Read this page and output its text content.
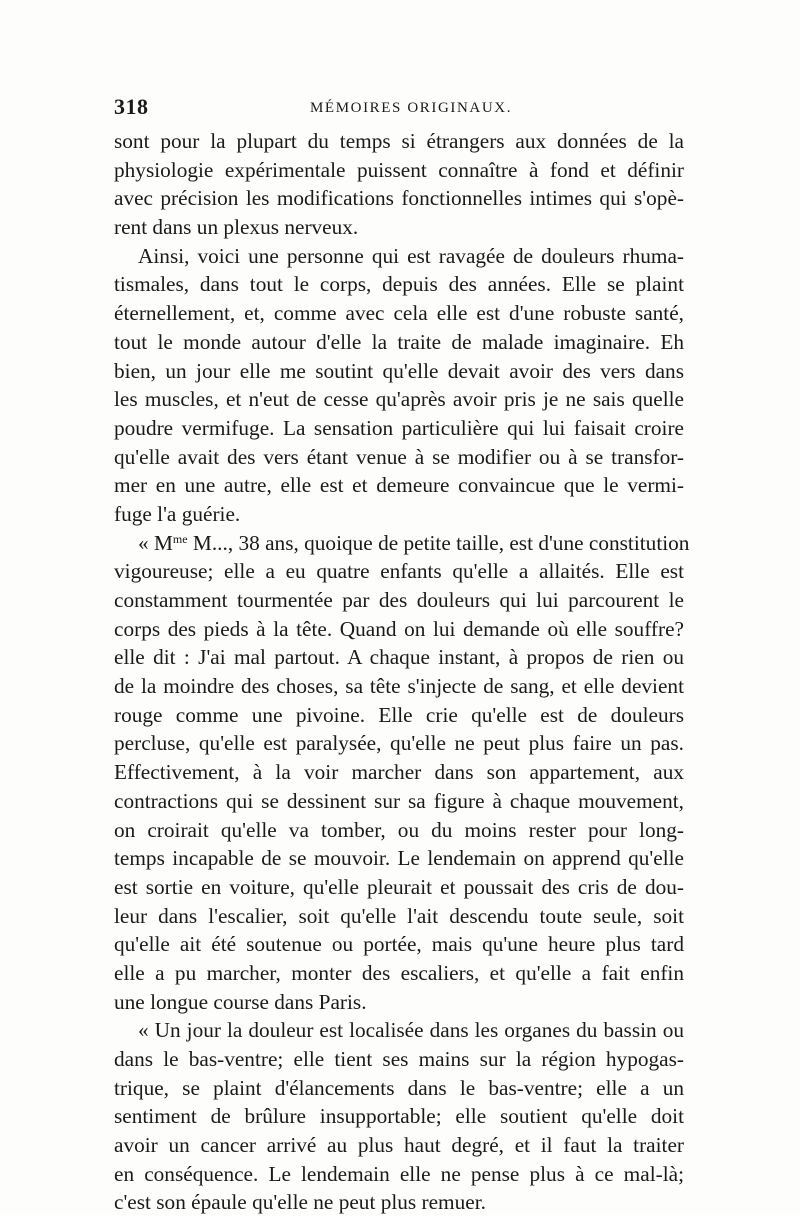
318	MÉMOIRES ORIGINAUX.
sont pour la plupart du temps si étrangers aux données de la
physiologie expérimentale puissent connaître à fond et définir
avec précision les modifications fonctionnelles intimes qui s'opè-
rent dans un plexus nerveux.
Ainsi, voici une personne qui est ravagée de douleurs rhuma-
tismales, dans tout le corps, depuis des années. Elle se plaint
éternellement, et, comme avec cela elle est d'une robuste santé,
tout le monde autour d'elle la traite de malade imaginaire. Eh
bien, un jour elle me soutint qu'elle devait avoir des vers dans
les muscles, et n'eut de cesse qu'après avoir pris je ne sais quelle
poudre vermifuge. La sensation particulière qui lui faisait croire
qu'elle avait des vers étant venue à se modifier ou à se transfor-
mer en une autre, elle est et demeure convaincue que le vermi-
fuge l'a guérie.
« $M^{me}$ M..., 38 ans, quoique de petite taille, est d'une constitution
vigoureuse; elle a eu quatre enfants qu'elle a allaités. Elle est
constamment tourmentée par des douleurs qui lui parcourent le
corps des pieds à la tête. Quand on lui demande où elle souffre?
elle dit : J'ai mal partout. A chaque instant, à propos de rien ou
de la moindre des choses, sa tête s'injecte de sang, et elle devient
rouge comme une pivoine. Elle crie qu'elle est de douleurs
percluse, qu'elle est paralysée, qu'elle ne peut plus faire un pas.
Effectivement, à la voir marcher dans son appartement, aux
contractions qui se dessinent sur sa figure à chaque mouvement,
on croirait qu'elle va tomber, ou du moins rester pour long-
temps incapable de se mouvoir. Le lendemain on apprend qu'elle
est sortie en voiture, qu'elle pleurait et poussait des cris de dou-
leur dans l'escalier, soit qu'elle l'ait descendu toute seule, soit
qu'elle ait été soutenue ou portée, mais qu'une heure plus tard
elle a pu marcher, monter des escaliers, et qu'elle a fait enfin
une longue course dans Paris.
« Un jour la douleur est localisée dans les organes du bassin ou
dans le bas-ventre; elle tient ses mains sur la région hypogas-
trique, se plaint d'élancements dans le bas-ventre; elle a un
sentiment de brûlure insupportable; elle soutient qu'elle doit
avoir un cancer arrivé au plus haut degré, et il faut la traiter
en conséquence. Le lendemain elle ne pense plus à ce mal-là;
c'est son épaule qu'elle ne peut plus remuer.
